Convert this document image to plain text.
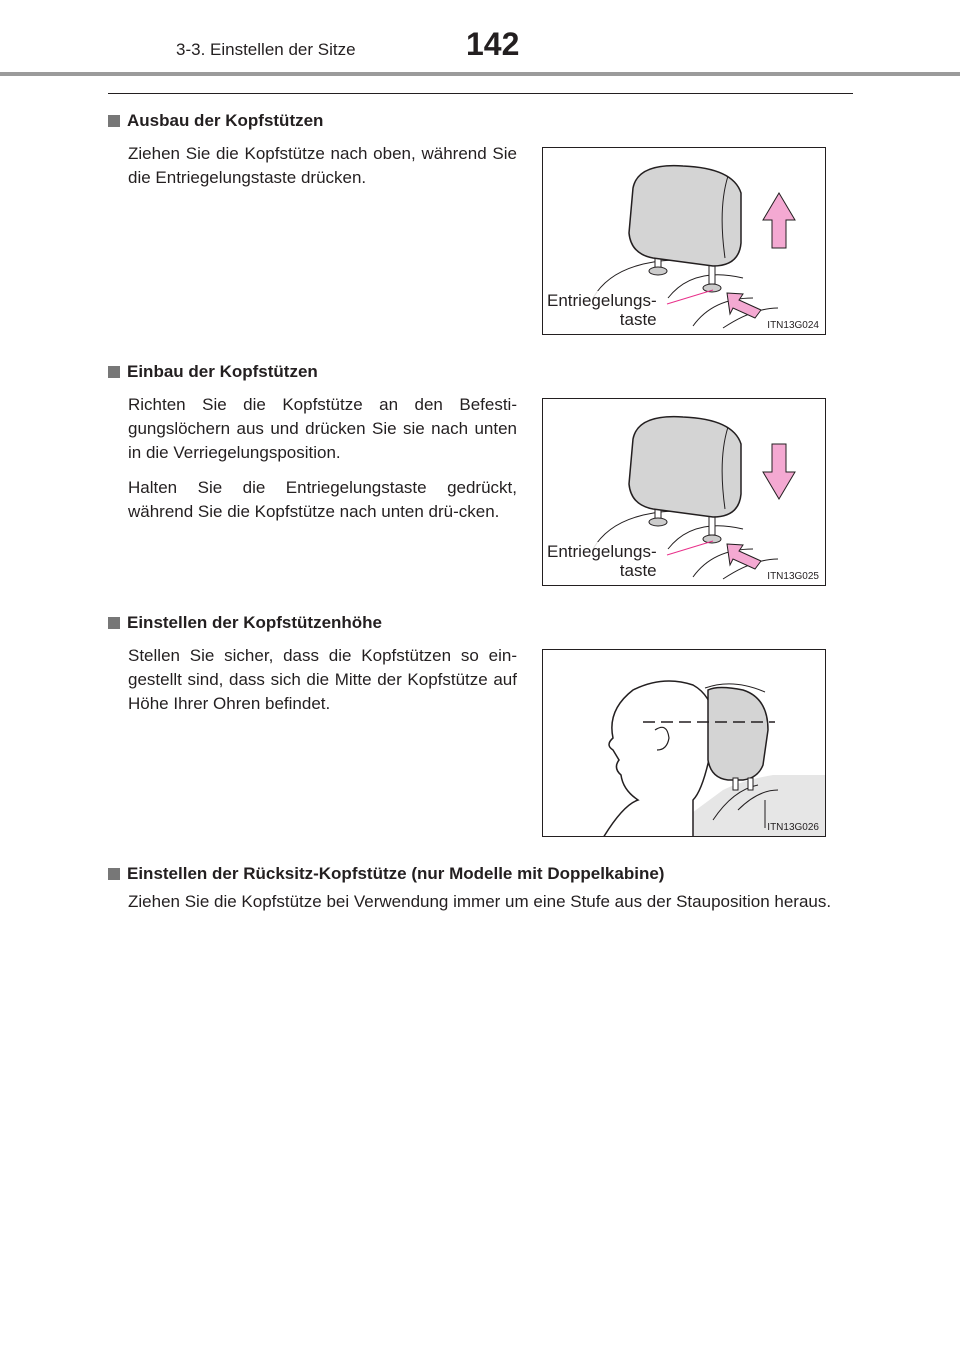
142
3-3. Einstellen der Sitze
Ausbau der Kopfstützen
Ziehen Sie die Kopfstütze nach oben, während Sie die Entriegelungstaste drücken.
Entriegelungs-
taste	ITN13G024
Einbau der Kopfstützen
Richten Sie die Kopfstütze an den Befesti-gungslöchern aus und drücken Sie sie nach unten in die Verriegelungsposition.
Halten Sie die Entriegelungstaste gedrückt, während Sie die Kopfstütze nach unten drü-cken.
Entriegelungs-
taste	ITN13G025
Einstellen der Kopfstützenhöhe
Stellen Sie sicher, dass die Kopfstützen so ein-gestellt sind, dass sich die Mitte der Kopfstütze auf Höhe Ihrer Ohren befindet.
ITN13G026
Einstellen der Rücksitz-Kopfstütze (nur Modelle mit Doppelkabine)
Ziehen Sie die Kopfstütze bei Verwendung immer um eine Stufe aus der Stauposition heraus.
